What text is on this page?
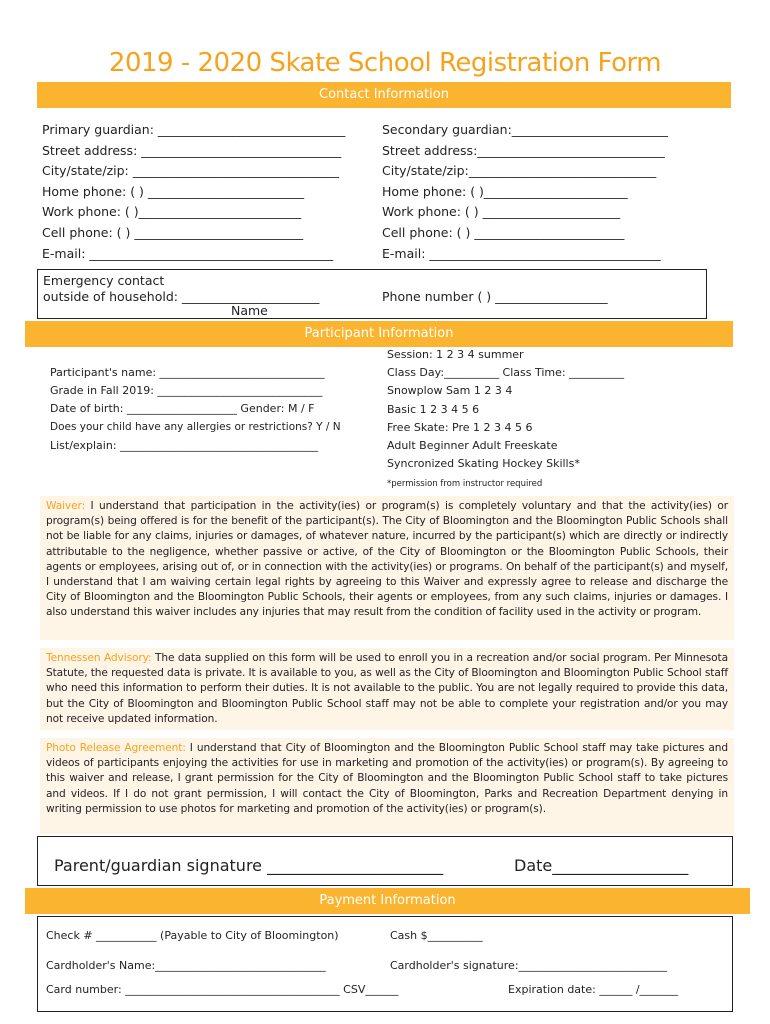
2019 - 2020 Skate School Registration Form
Contact Information
Primary guardian: ______________________________
Street address: ________________________________
City/state/zip: _________________________________
Home phone: ( ) _________________________
Work phone: ( )__________________________
Cell phone: ( ) ___________________________
E-mail: _______________________________________
Secondary guardian:_________________________
Street address:______________________________
City/state/zip:______________________________
Home phone: ( )_______________________
Work phone: ( ) ______________________
Cell phone: ( ) ________________________
E-mail: _____________________________________
Emergency contact
outside of household: ______________________
Name
Phone number ( ) __________________
Participant Information
Participant's name: ______________________________
Grade in Fall 2019: ______________________________
Date of birth: ____________________ Gender: M / F
Does your child have any allergies or restrictions? Y / N
List/explain: ____________________________________
Session: 1 2 3 4 summer
Class Day:__________ Class Time: __________
Snowplow Sam 1 2 3 4
Basic 1 2 3 4 5 6
Free Skate: Pre 1 2 3 4 5 6
Adult Beginner Adult Freeskate
Syncronized Skating Hockey Skills*
*permission from instructor required
Waiver: I understand that participation in the activity(ies) or program(s) is completely voluntary and that the activity(ies) or program(s) being offered is for the benefit of the participant(s). The City of Bloomington and the Bloomington Public Schools shall not be liable for any claims, injuries or damages, of whatever nature, incurred by the participant(s) which are directly or indirectly attributable to the negligence, whether passive or active, of the City of Bloomington or the Bloomington Public Schools, their agents or employees, arising out of, or in connection with the activity(ies) or programs. On behalf of the participant(s) and myself, I understand that I am waiving certain legal rights by agreeing to this Waiver and expressly agree to release and discharge the City of Bloomington and the Bloomington Public Schools, their agents or employees, from any such claims, injuries or damages. I also understand this waiver includes any injuries that may result from the condition of facility used in the activity or program.
Tennessen Advisory: The data supplied on this form will be used to enroll you in a recreation and/or social program. Per Minnesota Statute, the requested data is private. It is available to you, as well as the City of Bloomington and Bloomington Public School staff who need this information to perform their duties. It is not available to the public. You are not legally required to provide this data, but the City of Bloomington and Bloomington Public School staff may not be able to complete your registration and/or you may not receive updated information.
Photo Release Agreement: I understand that City of Bloomington and the Bloomington Public School staff may take pictures and videos of participants enjoying the activities for use in marketing and promotion of the activity(ies) or program(s). By agreeing to this waiver and release, I grant permission for the City of Bloomington and the Bloomington Public School staff to take pictures and videos. If I do not grant permission, I will contact the City of Bloomington, Parks and Recreation Department denying in writing permission to use photos for marketing and promotion of the activity(ies) or program(s).
Parent/guardian signature ______________________	Date_________________
Payment Information
Check # ___________ (Payable to City of Bloomington)	Cash $__________
Cardholder's Name:_______________________________	Cardholder's signature:___________________________
Card number: _______________________________________ CSV______	Expiration date: ______ /_______
